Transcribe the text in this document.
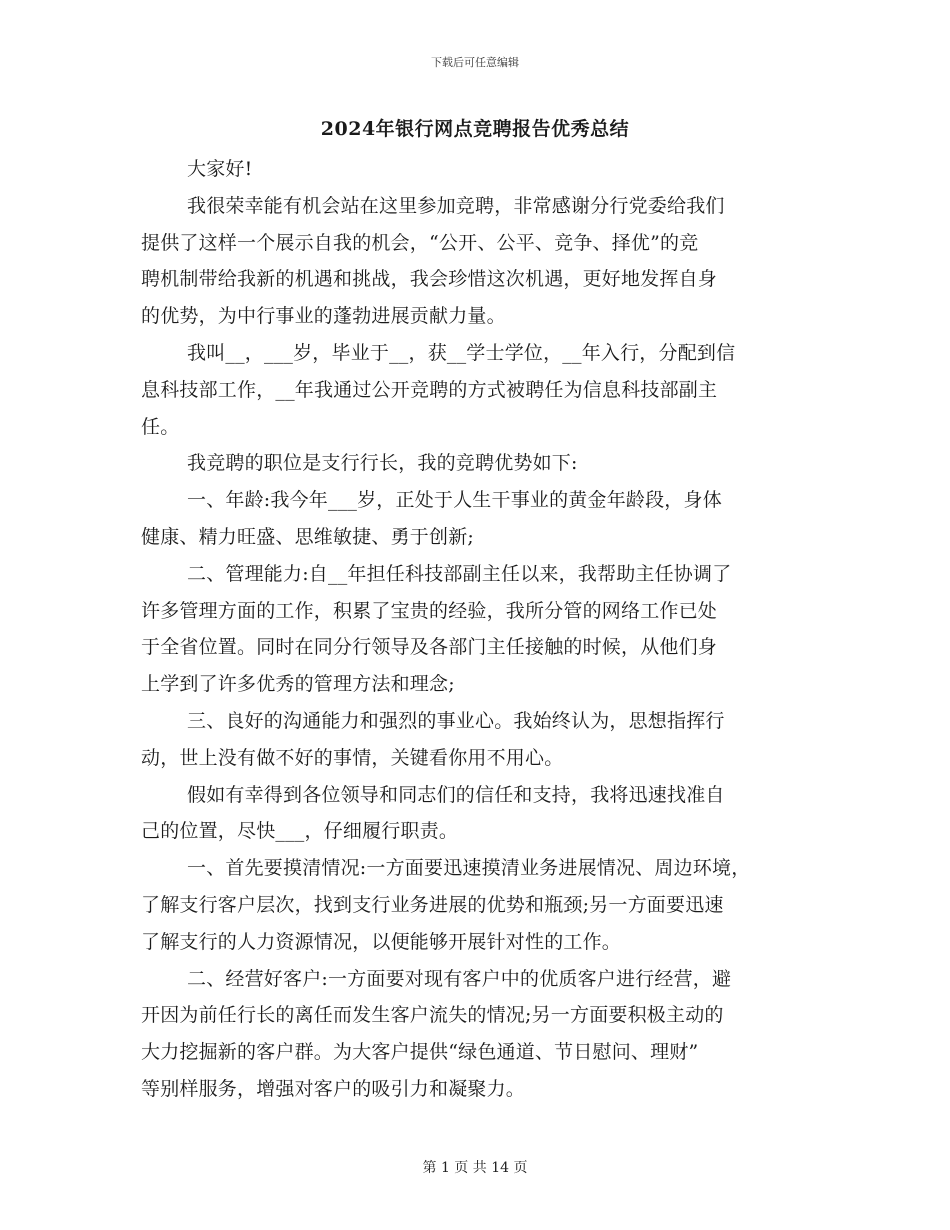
下载后可任意编辑
2024年银行网点竞聘报告优秀总结
大家好!
我很荣幸能有机会站在这里参加竞聘，非常感谢分行党委给我们
提供了这样一个展示自我的机会，“公开、公平、竞争、择优”的竞
聘机制带给我新的机遇和挑战，我会珍惜这次机遇，更好地发挥自身
的优势，为中行事业的蓬勃进展贡献力量。
我叫__，___岁，毕业于__，获__学士学位，__年入行，分配到信
息科技部工作，__年我通过公开竞聘的方式被聘任为信息科技部副主
任。
我竞聘的职位是支行行长，我的竞聘优势如下:
一、年龄:我今年___岁，正处于人生干事业的黄金年龄段，身体
健康、精力旺盛、思维敏捷、勇于创新;
二、管理能力:自__年担任科技部副主任以来，我帮助主任协调了
许多管理方面的工作，积累了宝贵的经验，我所分管的网络工作已处
于全省位置。同时在同分行领导及各部门主任接触的时候，从他们身
上学到了许多优秀的管理方法和理念;
三、良好的沟通能力和强烈的事业心。我始终认为，思想指挥行
动，世上没有做不好的事情，关键看你用不用心。
假如有幸得到各位领导和同志们的信任和支持，我将迅速找准自
己的位置，尽快___，仔细履行职责。
一、首先要摸清情况:一方面要迅速摸清业务进展情况、周边环境，
了解支行客户层次，找到支行业务进展的优势和瓶颈;另一方面要迅速
了解支行的人力资源情况，以便能够开展针对性的工作。
二、经营好客户:一方面要对现有客户中的优质客户进行经营，避
开因为前任行长的离任而发生客户流失的情况;另一方面要积极主动的
大力挖掘新的客户群。为大客户提供“绿色通道、节日慰问、理财”
等别样服务，增强对客户的吸引力和凝聚力。
第 1 页 共 14 页
